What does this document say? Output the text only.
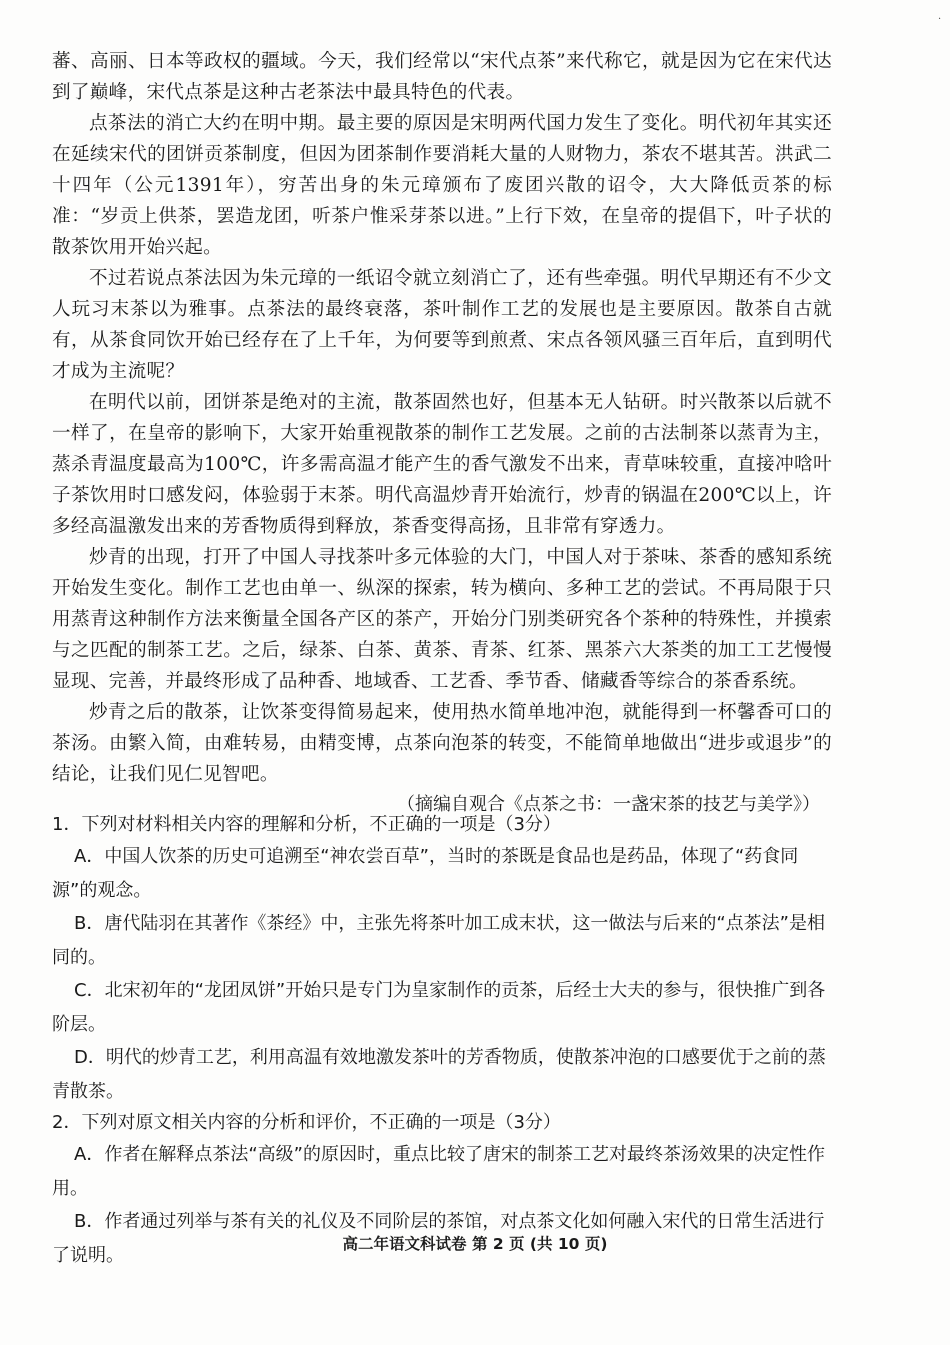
·

蕃、高丽、日本等政权的疆域。今天，我们经常以“宋代点茶”来代称它，就是因为它在宋代达到了巅峰，宋代点茶是这种古老茶法中最具特色的代表。

点茶法的消亡大约在明中期。最主要的原因是宋明两代国力发生了变化。明代初年其实还在延续宋代的团饼贡茶制度，但因为团茶制作要消耗大量的人财物力，茶农不堪其苦。洪武二十四年（公元1391年），穷苦出身的朱元璋颁布了废团兴散的诏令，大大降低贡茶的标准：“岁贡上供茶，罢造龙团，听茶户惟采芽茶以进。”上行下效，在皇帝的提倡下，叶子状的散茶饮用开始兴起。

不过若说点茶法因为朱元璋的一纸诏令就立刻消亡了，还有些牵强。明代早期还有不少文人玩习末茶以为雅事。点茶法的最终衰落，茶叶制作工艺的发展也是主要原因。散茶自古就有，从茶食同饮开始已经存在了上千年，为何要等到煎煮、宋点各领风骚三百年后，直到明代才成为主流呢？

在明代以前，团饼茶是绝对的主流，散茶固然也好，但基本无人钻研。时兴散茶以后就不一样了，在皇帝的影响下，大家开始重视散茶的制作工艺发展。之前的古法制茶以蒸青为主，蒸杀青温度最高为100℃，许多需高温才能产生的香气激发不出来，青草味较重，直接冲唅叶子茶饮用时口感发闷，体验弱于末茶。明代高温炒青开始流行，炒青的锅温在200℃以上，许多经高温激发出来的芳香物质得到释放，茶香变得高扬，且非常有穿透力。

炒青的出现，打开了中国人寻找茶叶多元体验的大门，中国人对于茶味、茶香的感知系统开始发生变化。制作工艺也由单一、纵深的探索，转为横向、多种工艺的尝试。不再局限于只用蒸青这种制作方法来衡量全国各产区的茶产，开始分门别类研究各个茶种的特殊性，并摸索与之匹配的制茶工艺。之后，绿茶、白茶、黄茶、青茶、红茶、黑茶六大茶类的加工工艺慢慢显现、完善，并最终形成了品种香、地域香、工艺香、季节香、储藏香等综合的茶香系统。

炒青之后的散茶，让饮茶变得简易起来，使用热水简单地冲泡，就能得到一杯馨香可口的茶汤。由繁入简，由难转易，由精变博，点茶向泡茶的转变，不能简单地做出“进步或退步”的结论，让我们见仁见智吧。

（摘编自观合《点茶之书：一盏宋茶的技艺与美学》）

1．下列对材料相关内容的理解和分析，不正确的一项是（3分）

A．中国人饮茶的历史可追溯至“神农尝百草”，当时的茶既是食品也是药品，体现了“药食同源”的观念。

B．唐代陆羽在其著作《茶经》中，主张先将茶叶加工成末状，这一做法与后来的“点茶法”是相同的。

C．北宋初年的“龙团凤饼”开始只是专门为皇家制作的贡茶，后经士大夫的参与，很快推广到各阶层。

D．明代的炒青工艺，利用高温有效地激发茶叶的芳香物质，使散茶冲泡的口感要优于之前的蒸青散茶。

2．下列对原文相关内容的分析和评价，不正确的一项是（3分）

A．作者在解释点茶法“高级”的原因时，重点比较了唐宋的制茶工艺对最终茶汤效果的决定性作用。

B．作者通过列举与茶有关的礼仪及不同阶层的茶馆，对点茶文化如何融入宋代的日常生活进行了说明。

高二年语文科试卷 第 2 页 (共 10 页)
